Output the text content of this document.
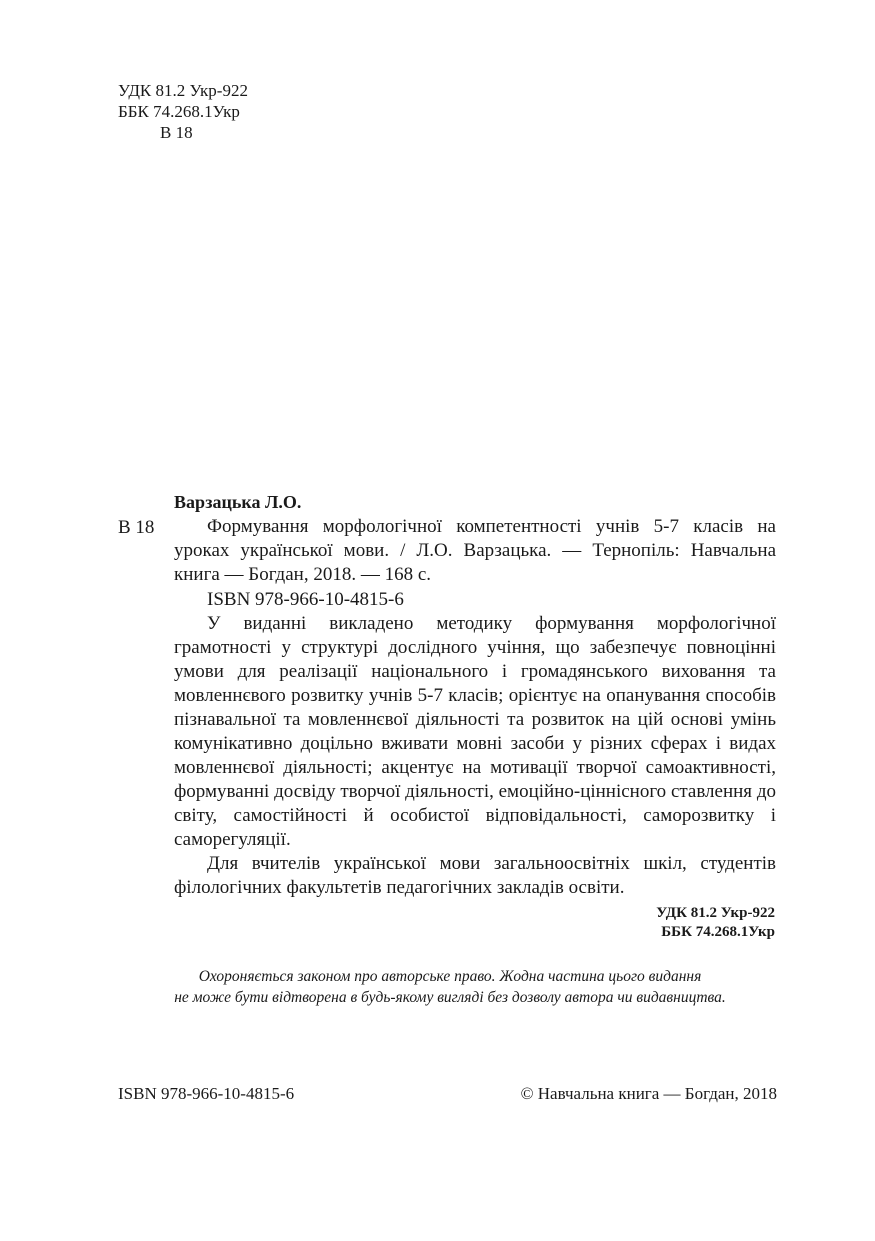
УДК 81.2 Укр-922
ББК 74.268.1Укр
В 18
Варзацька Л.О.
В 18	Формування морфологічної компетентності учнів 5-7 класів на уроках української мови. / Л.О. Варзацька. — Тернопіль: Навчальна книга — Богдан, 2018. — 168 с.

ISBN 978-966-10-4815-6

У виданні викладено методику формування морфологічної грамотності у структурі дослідного учіння, що забезпечує повноцінні умови для реалізації національного і громадянського виховання та мовленнєвого розвитку учнів 5-7 класів; орієнтує на опанування способів пізнавальної та мовленнєвої діяльності та розвиток на цій основі умінь комунікативно доцільно вживати мовні засоби у різних сферах і видах мовленнєвої діяльності; акцентує на мотивації творчої самоактивності, формуванні досвіду творчої діяльності, емоційно-ціннісного ставлення до світу, самостійності й особистої відповідальності, саморозвитку і саморегуляції.

Для вчителів української мови загальноосвітніх шкіл, студентів філологічних факультетів педагогічних закладів освіти.

УДК 81.2 Укр-922
ББК 74.268.1Укр
Охороняється законом про авторське право. Жодна частина цього видання
не може бути відтворена в будь-якому вигляді без дозволу автора чи видавництва.
ISBN 978-966-10-4815-6	© Навчальна книга — Богдан, 2018
